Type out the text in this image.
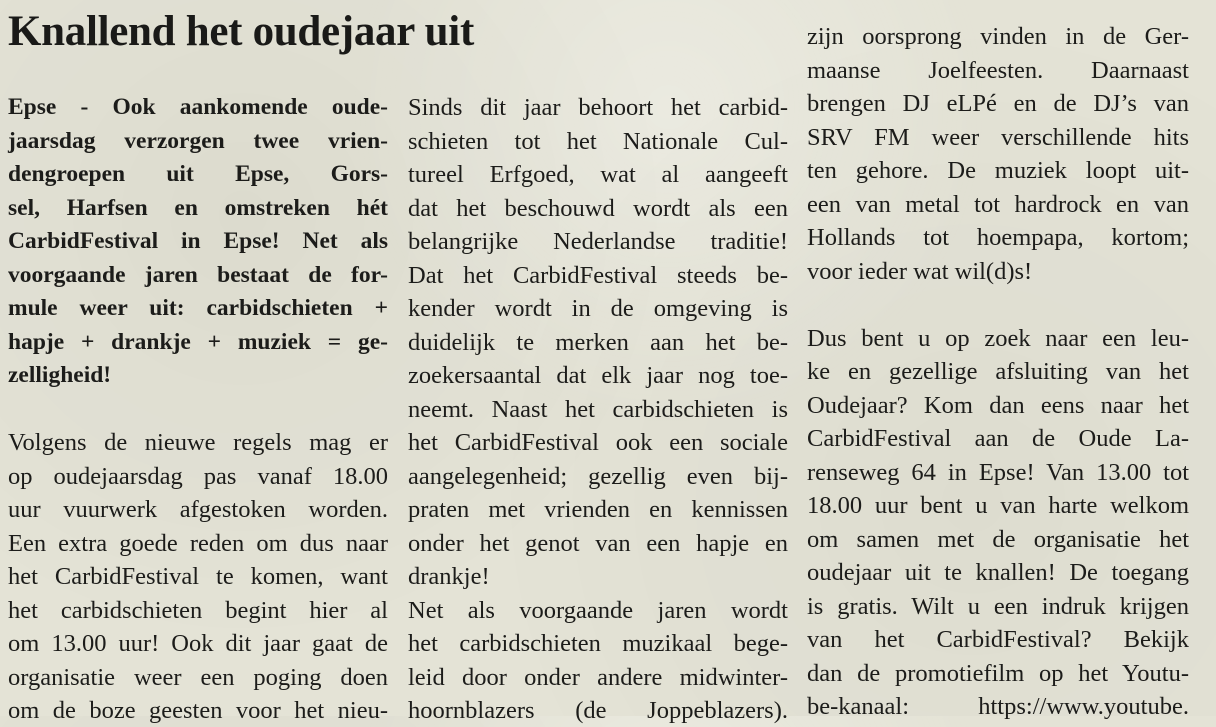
Knallend het oudejaar uit
Epse - Ook aankomende oude-
jaarsdag verzorgen twee vrien-
dengroepen uit Epse, Gors-
sel, Harfsen en omstreken hét
CarbidFestival in Epse! Net als
voorgaande jaren bestaat de for-
mule weer uit: carbidschieten +
hapje + drankje + muziek = ge-
zelligheid!
Volgens de nieuwe regels mag er
op oudejaarsdag pas vanaf 18.00
uur vuurwerk afgestoken worden.
Een extra goede reden om dus naar
het CarbidFestival te komen, want
het carbidschieten begint hier al
om 13.00 uur! Ook dit jaar gaat de
organisatie weer een poging doen
om de boze geesten voor het nieu-
Sinds dit jaar behoort het carbid-
schieten tot het Nationale Cul-
tureel Erfgoed, wat al aangeeft
dat het beschouwd wordt als een
belangrijke Nederlandse traditie!
Dat het CarbidFestival steeds be-
kender wordt in de omgeving is
duidelijk te merken aan het be-
zoekersaantal dat elk jaar nog toe-
neemt. Naast het carbidschieten is
het CarbidFestival ook een sociale
aangelegenheid; gezellig even bij-
praten met vrienden en kennissen
onder het genot van een hapje en
drankje!
Net als voorgaande jaren wordt
het carbidschieten muzikaal bege-
leid door onder andere midwinter-
hoornblazers (de Joppeblazers).
zijn oorsprong vinden in de Ger-
maanse Joelfeesten. Daarnaast
brengen DJ eLPé en de DJ’s van
SRV FM weer verschillende hits
ten gehore. De muziek loopt uit-
een van metal tot hardrock en van
Hollands tot hoempapa, kortom;
voor ieder wat wil(d)s!
Dus bent u op zoek naar een leu-
ke en gezellige afsluiting van het
Oudejaar? Kom dan eens naar het
CarbidFestival aan de Oude La-
renseweg 64 in Epse! Van 13.00 tot
18.00 uur bent u van harte welkom
om samen met de organisatie het
oudejaar uit te knallen! De toegang
is gratis. Wilt u een indruk krijgen
van het CarbidFestival? Bekijk
dan de promotiefilm op het Youtu-
be-kanaal: https://www.youtube.
